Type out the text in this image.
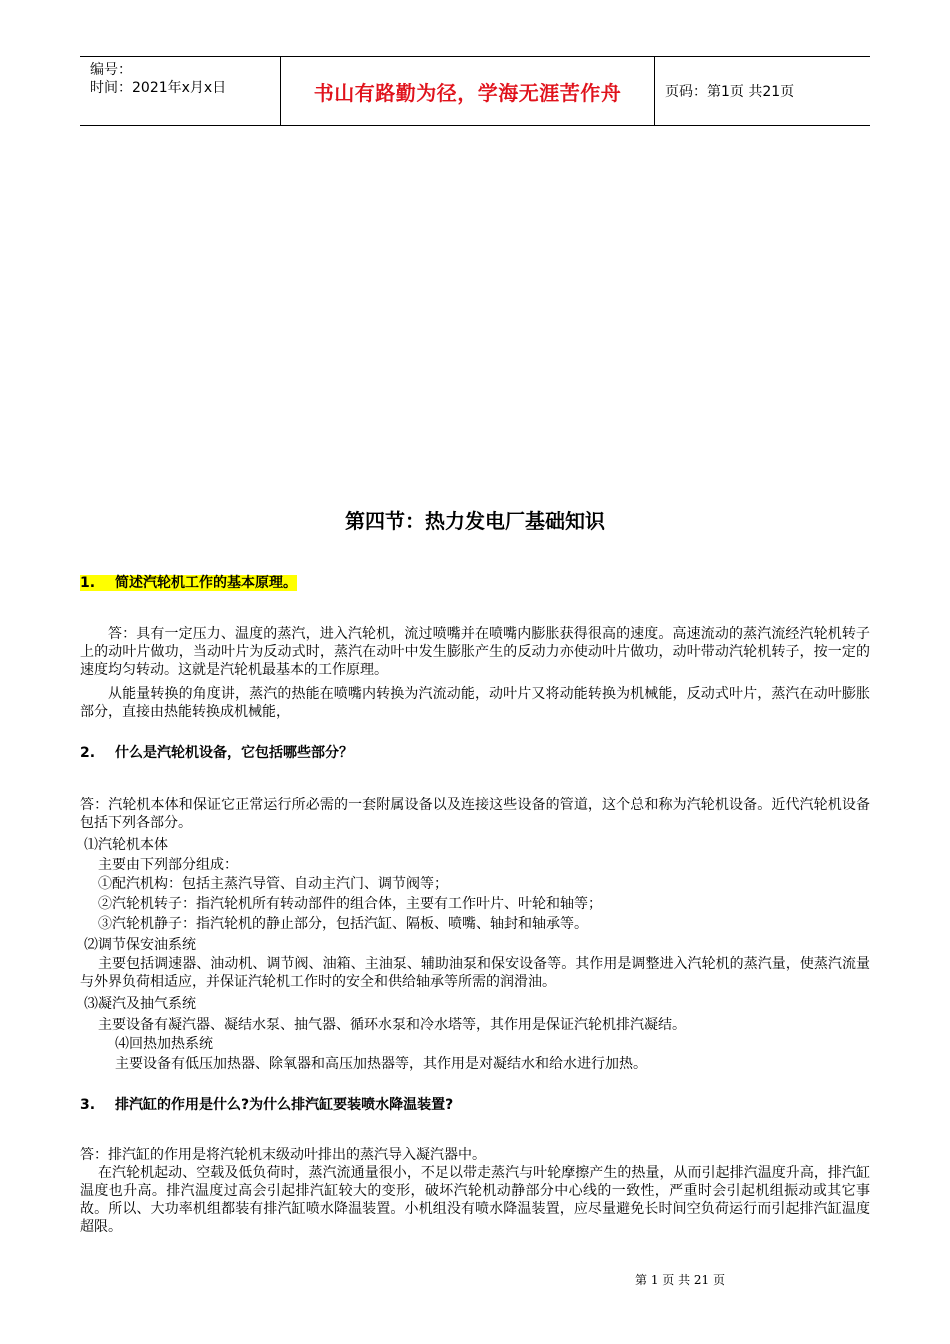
编号：
时间：2021年x月x日	书山有路勤为径，学海无涯苦作舟	页码：第1页 共21页
第四节：热力发电厂基础知识
1. 简述汽轮机工作的基本原理。
答：具有一定压力、温度的蒸汽，进入汽轮机，流过喷嘴并在喷嘴内膨胀获得很高的速度。高速流动的蒸汽流经汽轮机转子上的动叶片做功，当动叶片为反动式时，蒸汽在动叶中发生膨胀产生的反动力亦使动叶片做功，动叶带动汽轮机转子，按一定的速度均匀转动。这就是汽轮机最基本的工作原理。
从能量转换的角度讲，蒸汽的热能在喷嘴内转换为汽流动能，动叶片又将动能转换为机械能，反动式叶片，蒸汽在动叶膨胀部分，直接由热能转换成机械能，
2. 什么是汽轮机设备，它包括哪些部分？
答：汽轮机本体和保证它正常运行所必需的一套附属设备以及连接这些设备的管道，这个总和称为汽轮机设备。近代汽轮机设备包括下列各部分。
⑴汽轮机本体
主要由下列部分组成：
①配汽机构：包括主蒸汽导管、自动主汽门、调节阀等；
②汽轮机转子：指汽轮机所有转动部件的组合体，主要有工作叶片、叶轮和轴等；
③汽轮机静子：指汽轮机的静止部分，包括汽缸、隔板、喷嘴、轴封和轴承等。
⑵调节保安油系统
主要包括调速器、油动机、调节阀、油箱、主油泵、辅助油泵和保安设备等。其作用是调整进入汽轮机的蒸汽量，使蒸汽流量与外界负荷相适应，并保证汽轮机工作时的安全和供给轴承等所需的润滑油。
⑶凝汽及抽气系统
主要设备有凝汽器、凝结水泵、抽气器、循环水泵和冷水塔等，其作用是保证汽轮机排汽凝结。
⑷回热加热系统
主要设备有低压加热器、除氧器和高压加热器等，其作用是对凝结水和给水进行加热。
3. 排汽缸的作用是什么?为什么排汽缸要装喷水降温装置?
答：排汽缸的作用是将汽轮机末级动叶排出的蒸汽导入凝汽器中。
在汽轮机起动、空载及低负荷时，蒸汽流通量很小，不足以带走蒸汽与叶轮摩擦产生的热量，从而引起排汽温度升高，排汽缸温度也升高。排汽温度过高会引起排汽缸较大的变形，破坏汽轮机动静部分中心线的一致性，严重时会引起机组振动或其它事故。所以、大功率机组都装有排汽缸喷水降温装置。小机组没有喷水降温装置，应尽量避免长时间空负荷运行而引起排汽缸温度超限。
第 1 页 共 21 页
